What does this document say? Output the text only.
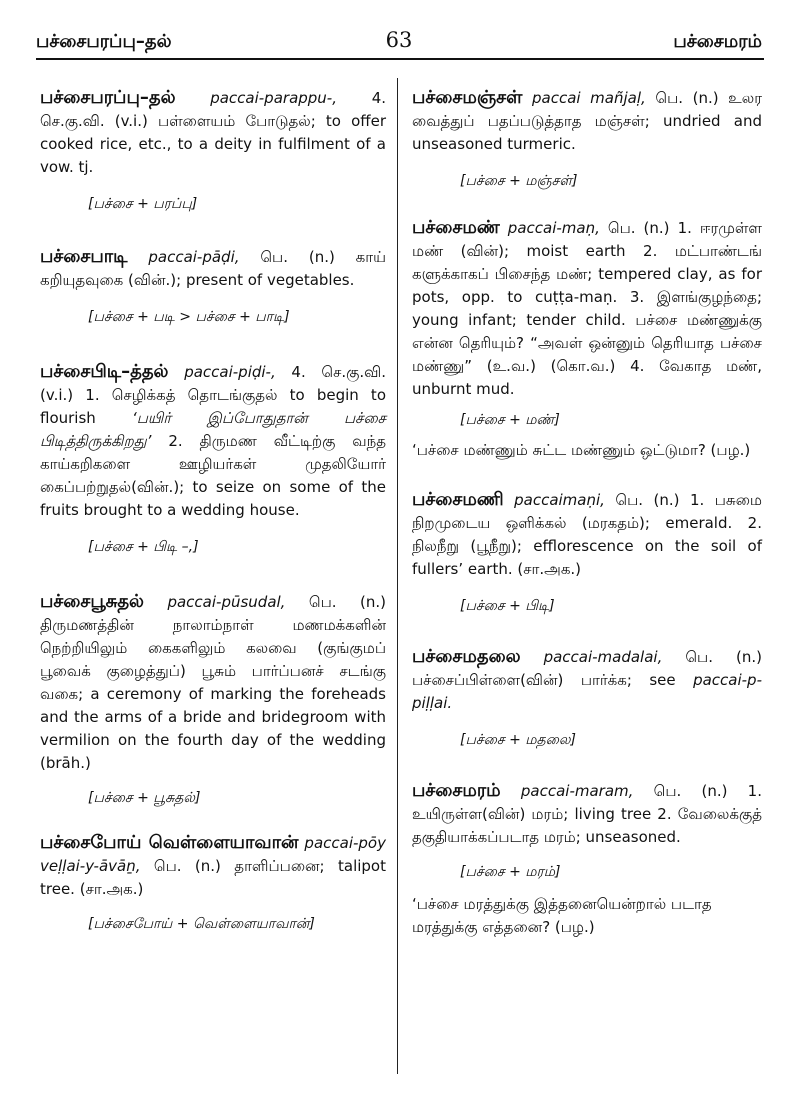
பச்சைபரப்பு–தல்	63	பச்சைமரம்

பச்சைபரப்பு–தல் paccai-parappu-, 4. செ.கு.வி. (v.i.) பள்ளையம் போடுதல்; to offer cooked rice, etc., to a deity in fulfilment of a vow. tj.

[பச்சை + பரப்பு]

பச்சைபாடி paccai-pāḍi, பெ. (n.) காய் கறியுதவுகை (வின்.); present of vegetables.

[பச்சை + படி > பச்சை + பாடி]

பச்சைபிடி–த்தல் paccai-piḍi-, 4. செ.கு.வி. (v.i.) 1. செழிக்கத் தொடங்குதல் to begin to flourish ‘பயிர் இப்போதுதான் பச்சை பிடித்திருக்கிறது’ 2. திருமண வீட்டிற்கு வந்த காய்கறிகளை ஊழியர்கள் முதலியோர் கைப்பற்றுதல்(வின்.); to seize on some of the fruits brought to a wedding house.

[பச்சை + பிடி –,]

பச்சைபூசுதல் paccai-pūsudal, பெ. (n.) திருமணத்தின் நாலாம்நாள் மணமக்களின் நெற்றியிலும் கைகளிலும் கலவை (குங்குமப் பூவைக் குழைத்துப்) பூசும் பார்ப்பனச் சடங்கு வகை; a ceremony of marking the foreheads and the arms of a bride and bridegroom with vermilion on the fourth day of the wedding (brāh.)

[பச்சை + பூசுதல்]

பச்சைபோய் வெள்ளையாவான் paccai-pōy veḷḷai-y-āvāṉ, பெ. (n.) தாளிப்பனை; talipot tree. (சா.அக.)

[பச்சைபோய் + வெள்ளையாவான்]

பச்சைமஞ்சள் paccai mañjaḷ, பெ. (n.) உலர வைத்துப் பதப்படுத்தாத மஞ்சள்; undried and unseasoned turmeric.

[பச்சை + மஞ்சள்]

பச்சைமண் paccai-maṇ, பெ. (n.) 1. ஈரமுள்ள மண் (வின்); moist earth 2. மட்பாண்டங் களுக்காகப் பிசைந்த மண்; tempered clay, as for pots, opp. to cuṭṭa-maṇ. 3. இளங்குழந்தை; young infant; tender child. பச்சை மண்ணுக்கு என்ன தெரியும்? “அவள் ஒன்னும் தெரியாத பச்சை மண்ணு” (உ.வ.) (கொ.வ.) 4. வேகாத மண், unburnt mud.

[பச்சை + மண்]

‘பச்சை மண்ணும் சுட்ட மண்ணும் ஒட்டுமா? (பழ.)

பச்சைமணி paccaimaṇi, பெ. (n.) 1. பசுமை நிறமுடைய ஒளிக்கல் (மரகதம்); emerald. 2. நிலநீறு (பூநீறு); efflorescence on the soil of fullers’ earth. (சா.அக.)

[பச்சை + பிடி]

பச்சைமதலை paccai-madalai, பெ. (n.) பச்சைப்பிள்ளை(வின்) பார்க்க; see paccai-p-piḷḷai.

[பச்சை + மதலை]

பச்சைமரம் paccai-maram, பெ. (n.) 1. உயிருள்ள(வின்) மரம்; living tree 2. வேலைக்குத் தகுதியாக்கப்படாத மரம்; unseasoned.

[பச்சை + மரம்]

‘பச்சை மரத்துக்கு இத்தனையென்றால் படாத மரத்துக்கு எத்தனை? (பழ.)
